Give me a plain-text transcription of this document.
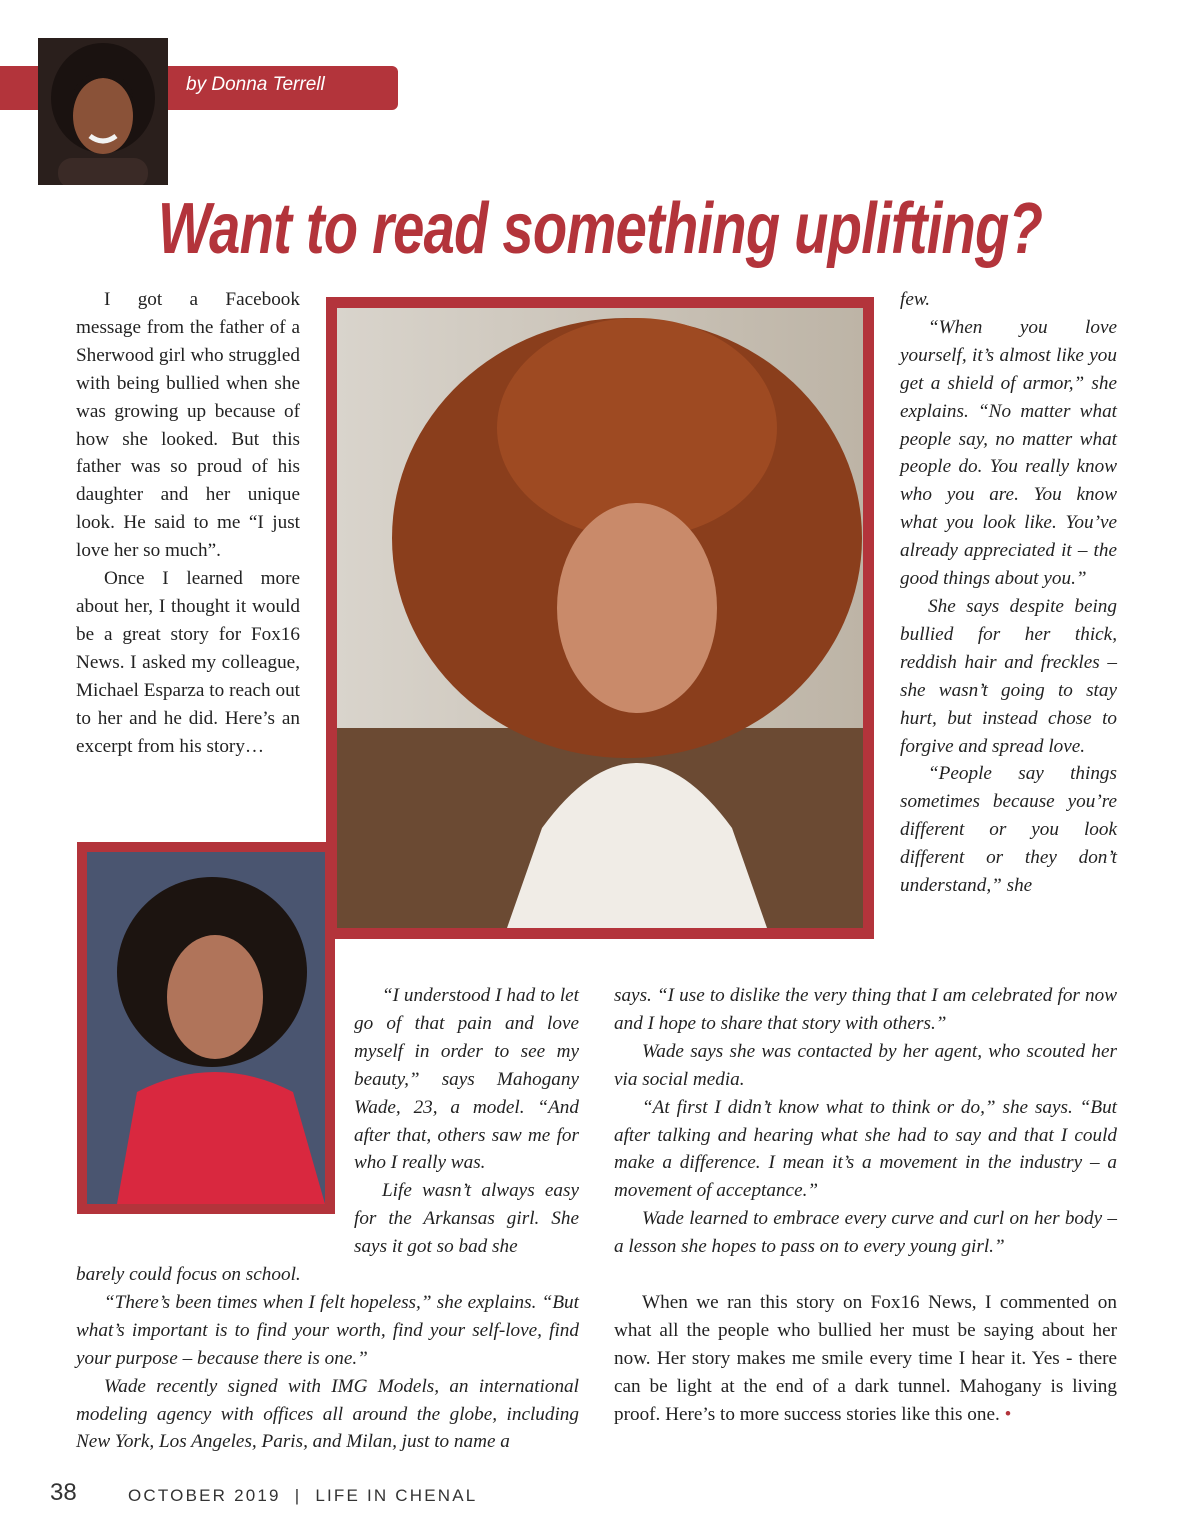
by Donna Terrell
Want to read something uplifting?

I got a Facebook message from the father of a Sherwood girl who struggled with being bullied when she was growing up because of how she looked. But this father was so proud of his daughter and her unique look. He said to me “I just love her so much”.

Once I learned more about her, I thought it would be a great story for Fox16 News. I asked my colleague, Michael Esparza to reach out to her and he did. Here’s an excerpt from his story…

few.

“When you love yourself, it’s almost like you get a shield of armor,” she explains. “No matter what people say, no matter what people do. You really know who you are. You know what you look like. You’ve already appreciated it – the good things about you.”

She says despite being bullied for her thick, reddish hair and freckles – she wasn’t going to stay hurt, but instead chose to forgive and spread love.

“People say things sometimes because you’re different or you look different or they don’t understand,” she

“I understood I had to let go of that pain and love myself in order to see my beauty,” says Mahogany Wade, 23, a model. “And after that, others saw me for who I really was.

Life wasn’t always easy for the Arkansas girl. She says it got so bad she

barely could focus on school.

“There’s been times when I felt hopeless,” she explains. “But what’s important is to find your worth, find your self-love, find your purpose – because there is one.”

Wade recently signed with IMG Models, an international modeling agency with offices all around the globe, including New York, Los Angeles, Paris, and Milan, just to name a

says. “I use to dislike the very thing that I am celebrated for now and I hope to share that story with others.”

Wade says she was contacted by her agent, who scouted her via social media.

“At first I didn’t know what to think or do,” she says. “But after talking and hearing what she had to say and that I could make a difference. I mean it’s a movement in the industry – a movement of acceptance.”

Wade learned to embrace every curve and curl on her body – a lesson she hopes to pass on to every young girl.”

When we ran this story on Fox16 News, I commented on what all the people who bullied her must be saying about her now. Her story makes me smile every time I hear it. Yes - there can be light at the end of a dark tunnel. Mahogany is living proof. Here’s to more success stories like this one. •

38	OCTOBER 2019 | LIFE IN CHENAL
